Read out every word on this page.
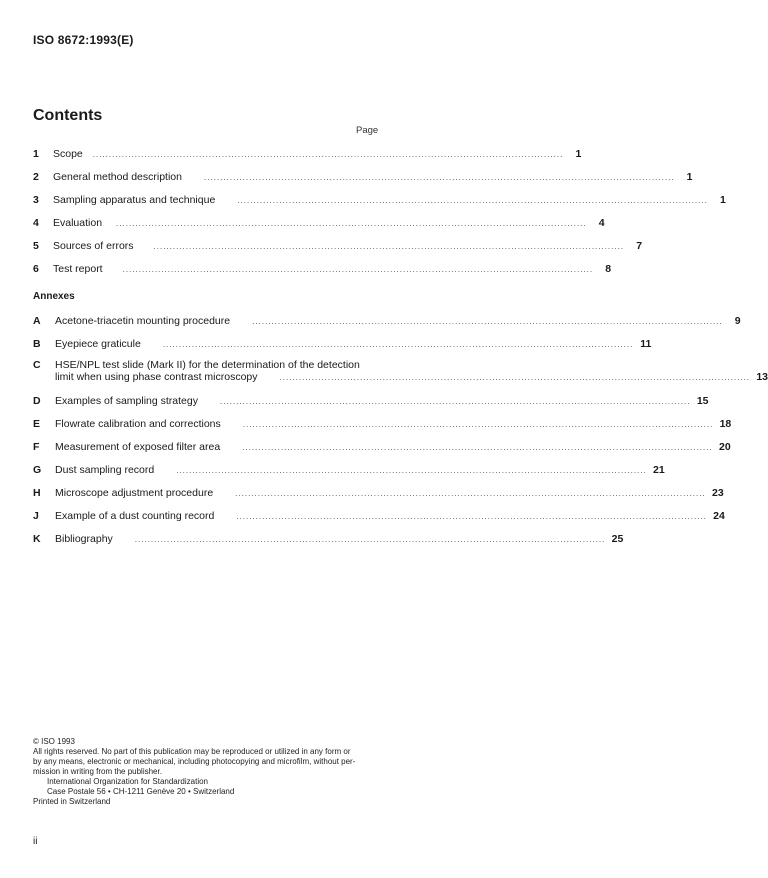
ISO 8672:1993(E)
Contents
Page
1	Scope ..................................................................................................................................................	1
2	General method description	..................................................................................................................................................	1
3	Sampling apparatus and technique	..................................................................................................................................................	1
4	Evaluation ..................................................................................................................................................	4
5	Sources of errors	..................................................................................................................................................	7
6	Test report	..................................................................................................................................................	8
Annexes
A	Acetone-triacetin mounting procedure	..................................................................................................................................................	9
B	Eyepiece graticule	.................................................................................................................................................. 11
C	HSE/NPL test slide (Mark II) for the determination of the detection
limit when using phase contrast microscopy	.................................................................................................................................................. 13
D	Examples of sampling strategy	.................................................................................................................................................. 15
E	Flowrate calibration and corrections	.................................................................................................................................................. 18
F	Measurement of exposed filter area	.................................................................................................................................................. 20
G	Dust sampling record	.................................................................................................................................................. 21
H	Microscope adjustment procedure	.................................................................................................................................................. 23
J	Example of a dust counting record	.................................................................................................................................................. 24
K	Bibliography	.................................................................................................................................................. 25
© ISO 1993
All rights reserved. No part of this publication may be reproduced or utilized in any form or
by any means, electronic or mechanical, including photocopying and microfilm, without per-
mission in writing from the publisher.
International Organization for Standardization
Case Postale 56 • CH-1211 Genève 20 • Switzerland
Printed in Switzerland
ii
